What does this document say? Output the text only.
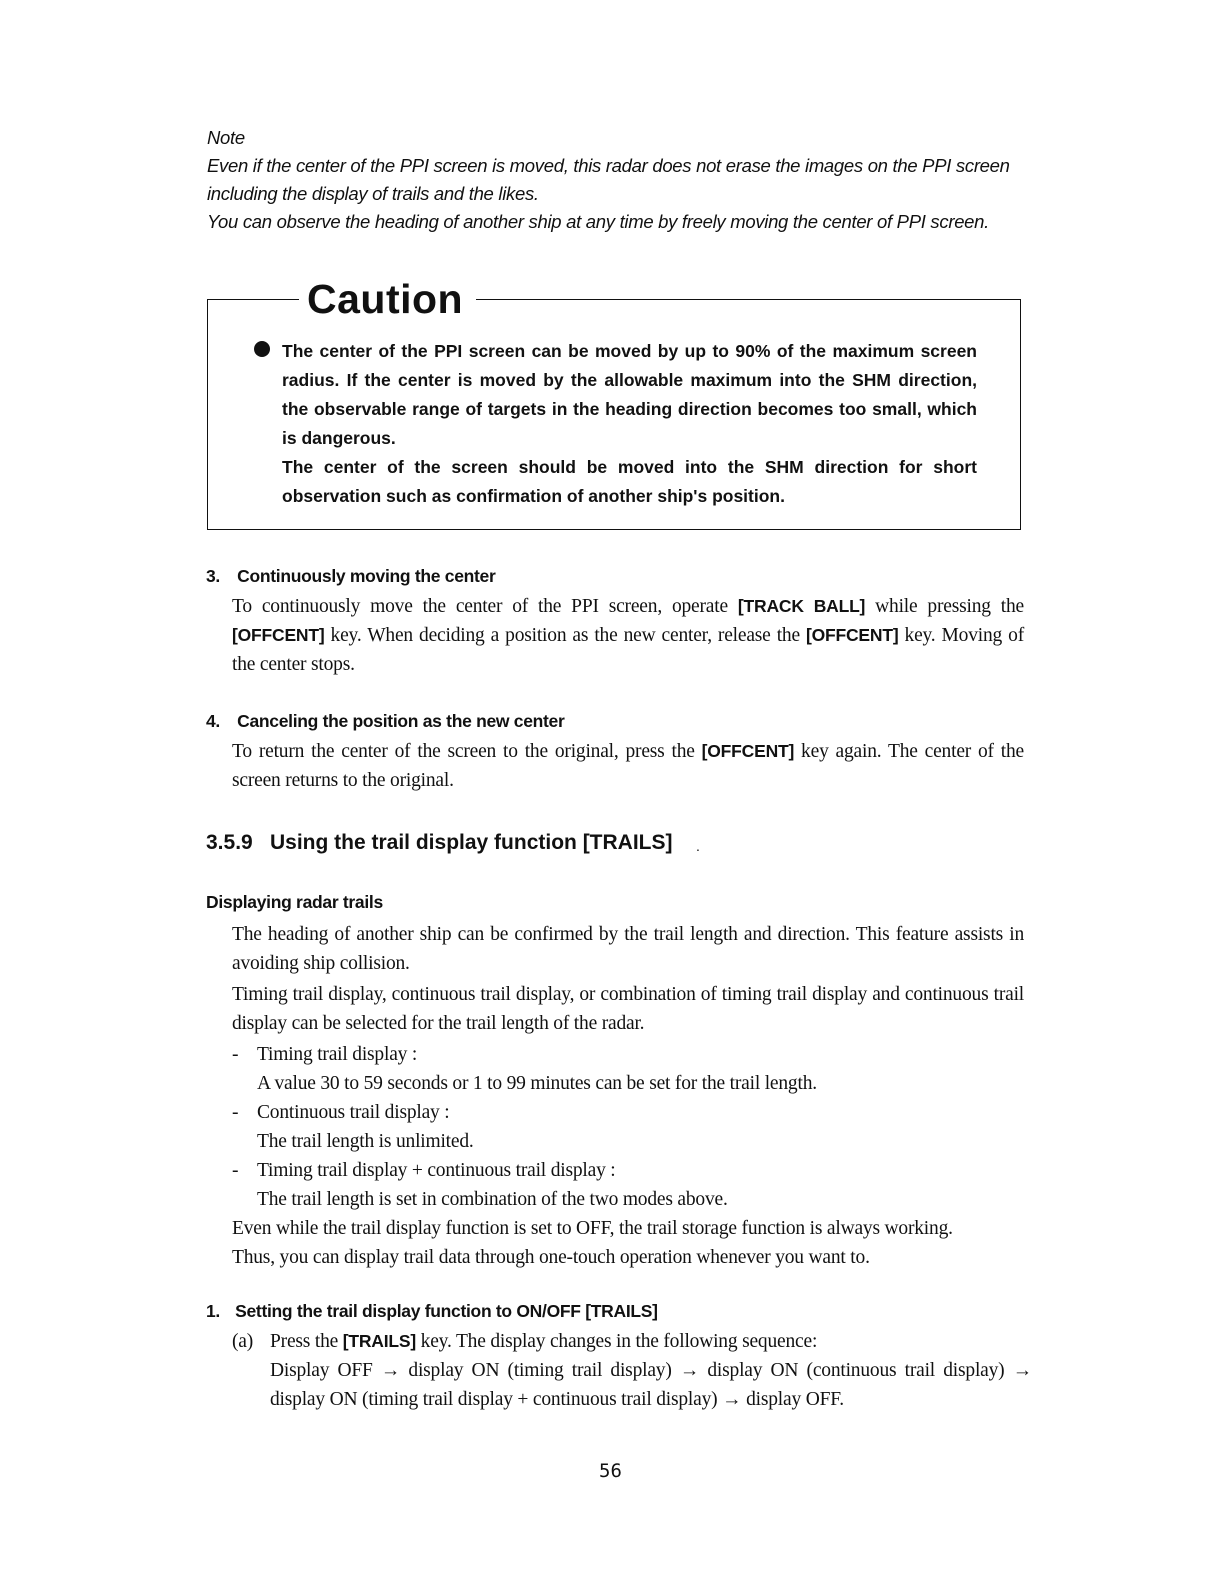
Note

Even if the center of the PPI screen is moved, this radar does not erase the images on the PPI screen including the display of trails and the likes.

You can observe the heading of another ship at any time by freely moving the center of PPI screen.

Caution

The center of the PPI screen can be moved by up to 90% of the maximum screen radius. If the center is moved by the allowable maximum into the SHM direction, the observable range of targets in the heading direction becomes too small, which is dangerous.

The center of the screen should be moved into the SHM direction for short observation such as confirmation of another ship's position.

3. Continuously moving the center

To continuously move the center of the PPI screen, operate [TRACK BALL] while pressing the [OFFCENT] key. When deciding a position as the new center, release the [OFFCENT] key. Moving of the center stops.

4. Canceling the position as the new center

To return the center of the screen to the original, press the [OFFCENT] key again. The center of the screen returns to the original.

3.5.9 Using the trail display function [TRAILS] .
Displaying radar trails

The heading of another ship can be confirmed by the trail length and direction. This feature assists in avoiding ship collision.

Timing trail display, continuous trail display, or combination of timing trail display and continuous trail display can be selected for the trail length of the radar.

- Timing trail display :

A value 30 to 59 seconds or 1 to 99 minutes can be set for the trail length.

- Continuous trail display :

The trail length is unlimited.

- Timing trail display + continuous trail display :

The trail length is set in combination of the two modes above.

Even while the trail display function is set to OFF, the trail storage function is always working.

Thus, you can display trail data through one-touch operation whenever you want to.

1. Setting the trail display function to ON/OFF [TRAILS]
(a) Press the [TRAILS] key. The display changes in the following sequence:

Display OFF → display ON (timing trail display) → display ON (continuous trail display) → display ON (timing trail display + continuous trail display) → display OFF.

56
